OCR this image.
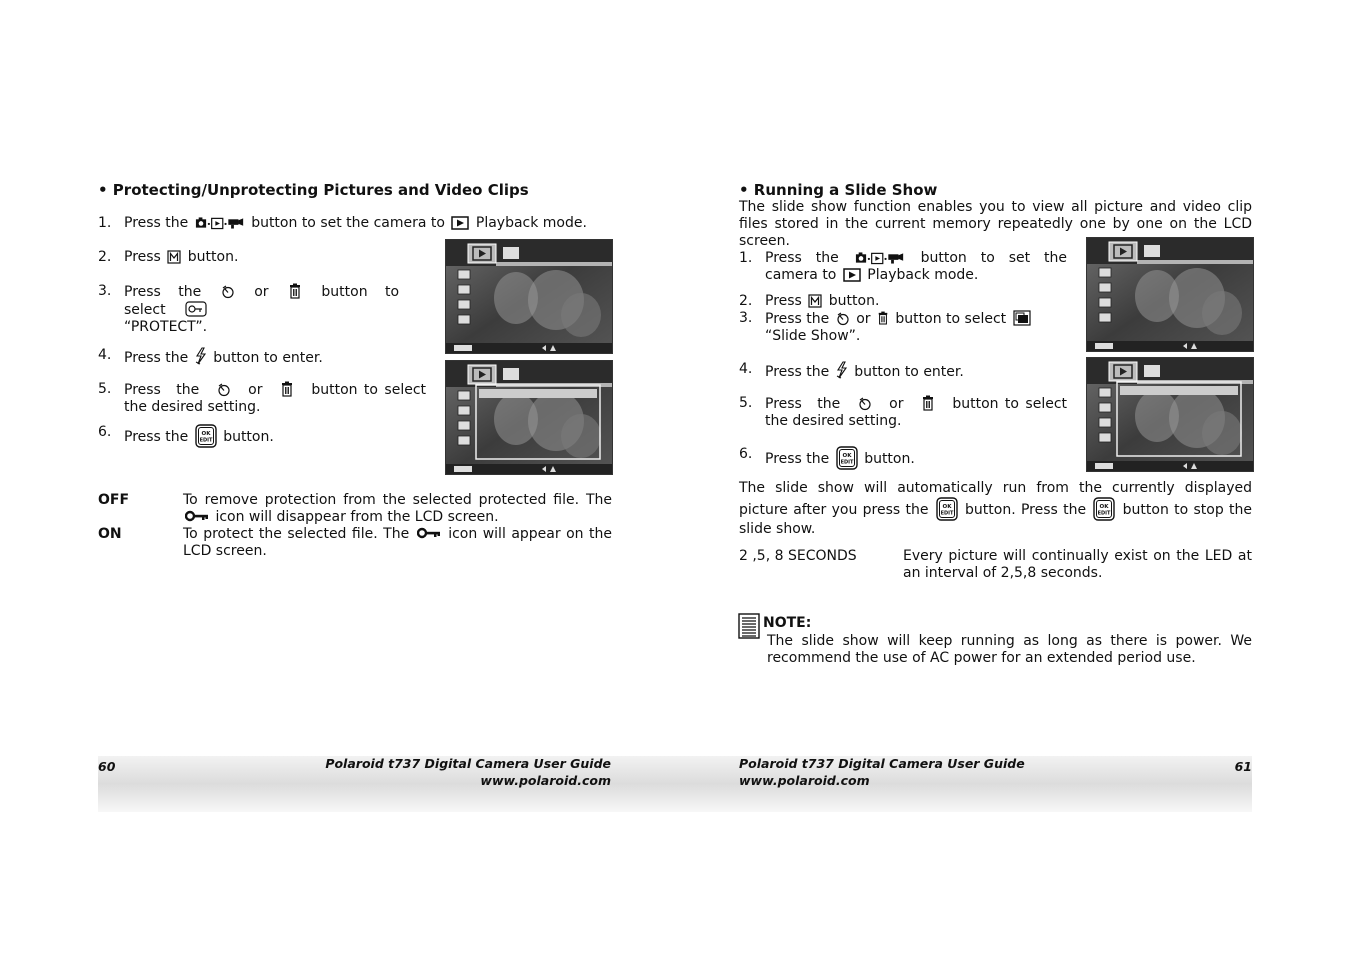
• Protecting/Unprotecting Pictures and Video Clips
1. Press the	button to set the camera to Playback mode.
2. Press button.
3. Press the	or	button to select
“PROTECT”.
4. Press the button to enter.
5. Press the	or	button to select the desired setting.
6. Press the button.
OFF	To remove protection from the selected protected file. The  icon will disappear from the LCD screen.
ON	To protect the selected file. The	icon will appear on the LCD screen.
• Running a Slide Show
The slide show function enables you to view all picture and video clip files stored in the current memory repeatedly one by one on the LCD screen.
1. Press the	button to set the camera to Playback mode.
2. Press button.
3. Press the or button to select  “Slide Show”.
4. Press the button to enter.
5. Press the	or	button to select the desired setting.
6. Press the button.
The slide show will automatically run from the currently displayed picture after you press the	button. Press the	button to stop the slide show.
2 ,5, 8 SECONDS	Every picture will continually exist on the LED at an interval of 2,5,8 seconds.
NOTE:
The slide show will keep running as long as there is power. We recommend the use of AC power for an extended period use.
60	Polaroid t737 Digital Camera User Guide
www.polaroid.com
Polaroid t737 Digital Camera User Guide
www.polaroid.com
61
